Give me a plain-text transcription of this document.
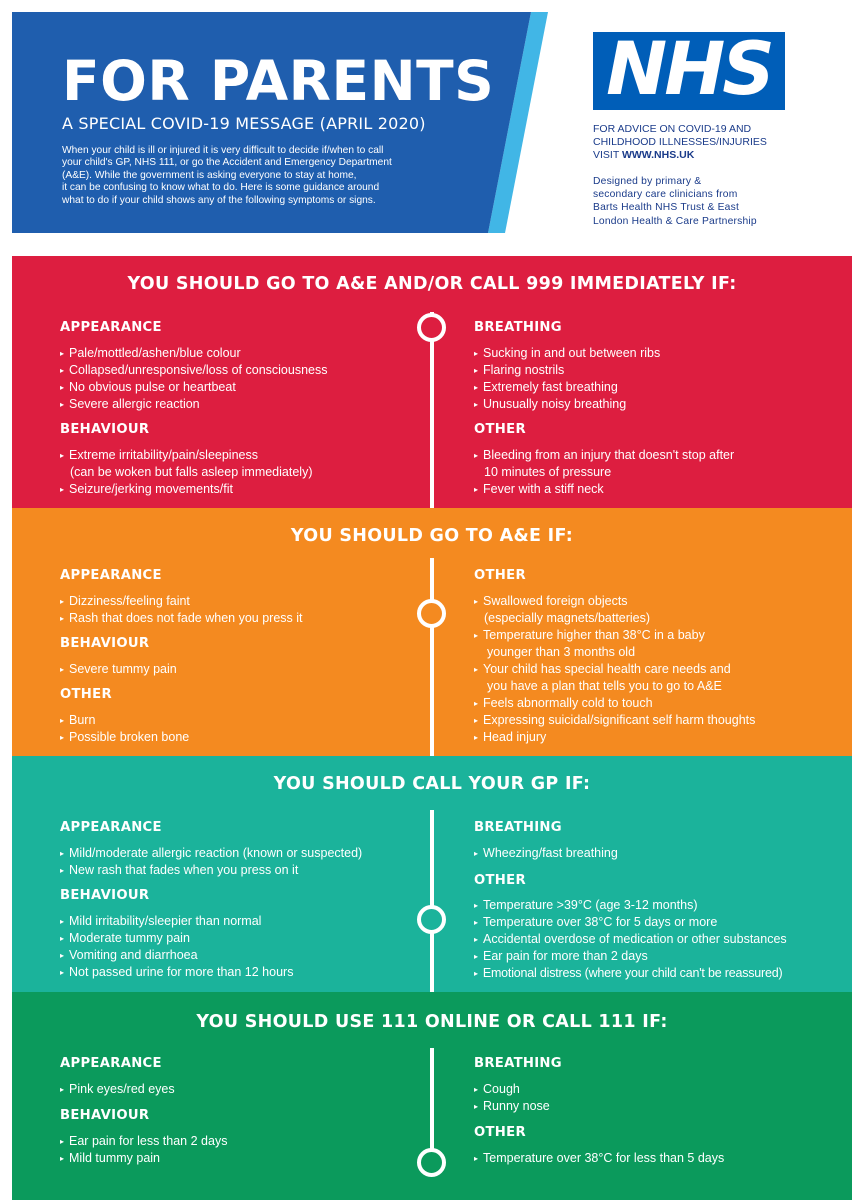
FOR PARENTS
A SPECIAL COVID-19 MESSAGE (APRIL 2020)
When your child is ill or injured it is very difficult to decide if/when to call
your child's GP, NHS 111, or go the Accident and Emergency Department
(A&E). While the government is asking everyone to stay at home,
it can be confusing to know what to do. Here is some guidance around
what to do if your child shows any of the following symptoms or signs.
NHS
FOR ADVICE ON COVID-19 AND
CHILDHOOD ILLNESSES/INJURIES
VISIT WWW.NHS.UK
Designed by primary &
secondary care clinicians from
Barts Health NHS Trust & East
London Health & Care Partnership
YOU SHOULD GO TO A&E AND/OR CALL 999 IMMEDIATELY IF:
APPEARANCE
▸ Pale/mottled/ashen/blue colour
▸ Collapsed/unresponsive/loss of consciousness
▸ No obvious pulse or heartbeat
▸ Severe allergic reaction
BEHAVIOUR
▸ Extreme irritability/pain/sleepiness
(can be woken but falls asleep immediately)
▸ Seizure/jerking movements/fit
BREATHING
▸ Sucking in and out between ribs
▸ Flaring nostrils
▸ Extremely fast breathing
▸ Unusually noisy breathing
OTHER
▸ Bleeding from an injury that doesn't stop after
10 minutes of pressure
▸ Fever with a stiff neck
YOU SHOULD GO TO A&E IF:
APPEARANCE
▸ Dizziness/feeling faint
▸ Rash that does not fade when you press it
BEHAVIOUR
▸ Severe tummy pain
OTHER
▸ Burn
▸ Possible broken bone
OTHER
▸ Swallowed foreign objects
(especially magnets/batteries)
▸ Temperature higher than 38°C in a baby
younger than 3 months old
▸ Your child has special health care needs and
you have a plan that tells you to go to A&E
▸ Feels abnormally cold to touch
▸ Expressing suicidal/significant self harm thoughts
▸ Head injury
YOU SHOULD CALL YOUR GP IF:
APPEARANCE
▸ Mild/moderate allergic reaction (known or suspected)
▸ New rash that fades when you press on it
BEHAVIOUR
▸ Mild irritability/sleepier than normal
▸ Moderate tummy pain
▸ Vomiting and diarrhoea
▸ Not passed urine for more than 12 hours
BREATHING
▸ Wheezing/fast breathing
OTHER
▸ Temperature >39°C (age 3-12 months)
▸ Temperature over 38°C for 5 days or more
▸ Accidental overdose of medication or other substances
▸ Ear pain for more than 2 days
▸ Emotional distress (where your child can't be reassured)
YOU SHOULD USE 111 ONLINE OR CALL 111 IF:
APPEARANCE
▸ Pink eyes/red eyes
BEHAVIOUR
▸ Ear pain for less than 2 days
▸ Mild tummy pain
BREATHING
▸ Cough
▸ Runny nose
OTHER
▸ Temperature over 38°C for less than 5 days
